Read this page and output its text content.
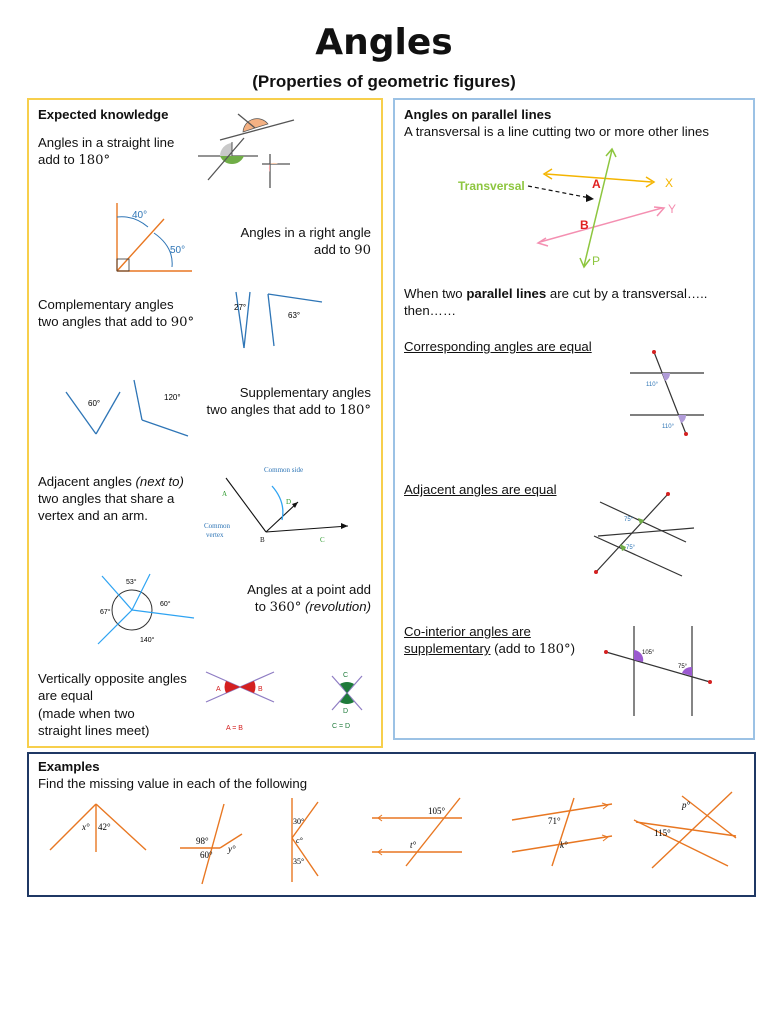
Angles
(Properties of geometric figures)
Expected knowledge
Angles in a straight line
add to 180°
40°
50°
Angles in a right angle
add to 90
Complementary angles
two angles that add to 90°
27°
63°
60°
120°	Supplementary angles
two angles that add to 180°
Adjacent angles (next to)
two angles that share a
vertex and an arm.
Common side
Common
vertex
A
B	C
D
53°
60°
67°
140°
Angles at a point add
to 360° (revolution)
Vertically opposite angles
are equal
(made when two
straight lines meet)
A	B
A = B
C
D
C = D
Angles on parallel lines
A transversal is a line cutting two or more other lines
Transversal	A
B
X
Y
P
When two parallel lines are cut by a transversal…..
then……
Corresponding angles are equal
110°
110°
Adjacent angles are equal
75°
75°
Co-interior angles are
supplementary (add to 180°)	105°
75°
Examples
Find the missing value in each of the following
x° 42°
98°
60°
y°
30°
c°
35°
105°
t°
71°
k°
p°
115°
